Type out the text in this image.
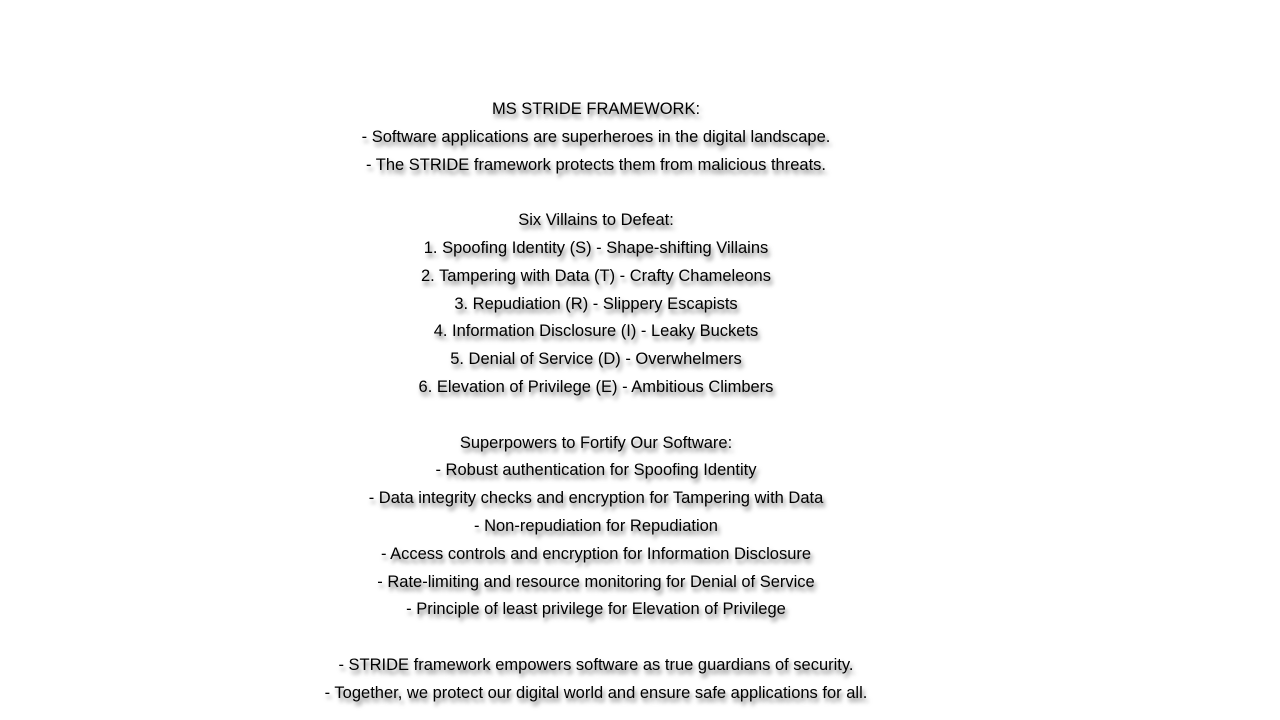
MS STRIDE FRAMEWORK:
- Software applications are superheroes in the digital landscape.
- The STRIDE framework protects them from malicious threats.
Six Villains to Defeat:
1. Spoofing Identity (S) - Shape-shifting Villains
2. Tampering with Data (T) - Crafty Chameleons
3. Repudiation (R) - Slippery Escapists
4. Information Disclosure (I) - Leaky Buckets
5. Denial of Service (D) - Overwhelmers
6. Elevation of Privilege (E) - Ambitious Climbers
Superpowers to Fortify Our Software:
- Robust authentication for Spoofing Identity
- Data integrity checks and encryption for Tampering with Data
- Non-repudiation for Repudiation
- Access controls and encryption for Information Disclosure
- Rate-limiting and resource monitoring for Denial of Service
- Principle of least privilege for Elevation of Privilege
- STRIDE framework empowers software as true guardians of security.
- Together, we protect our digital world and ensure safe applications for all.
